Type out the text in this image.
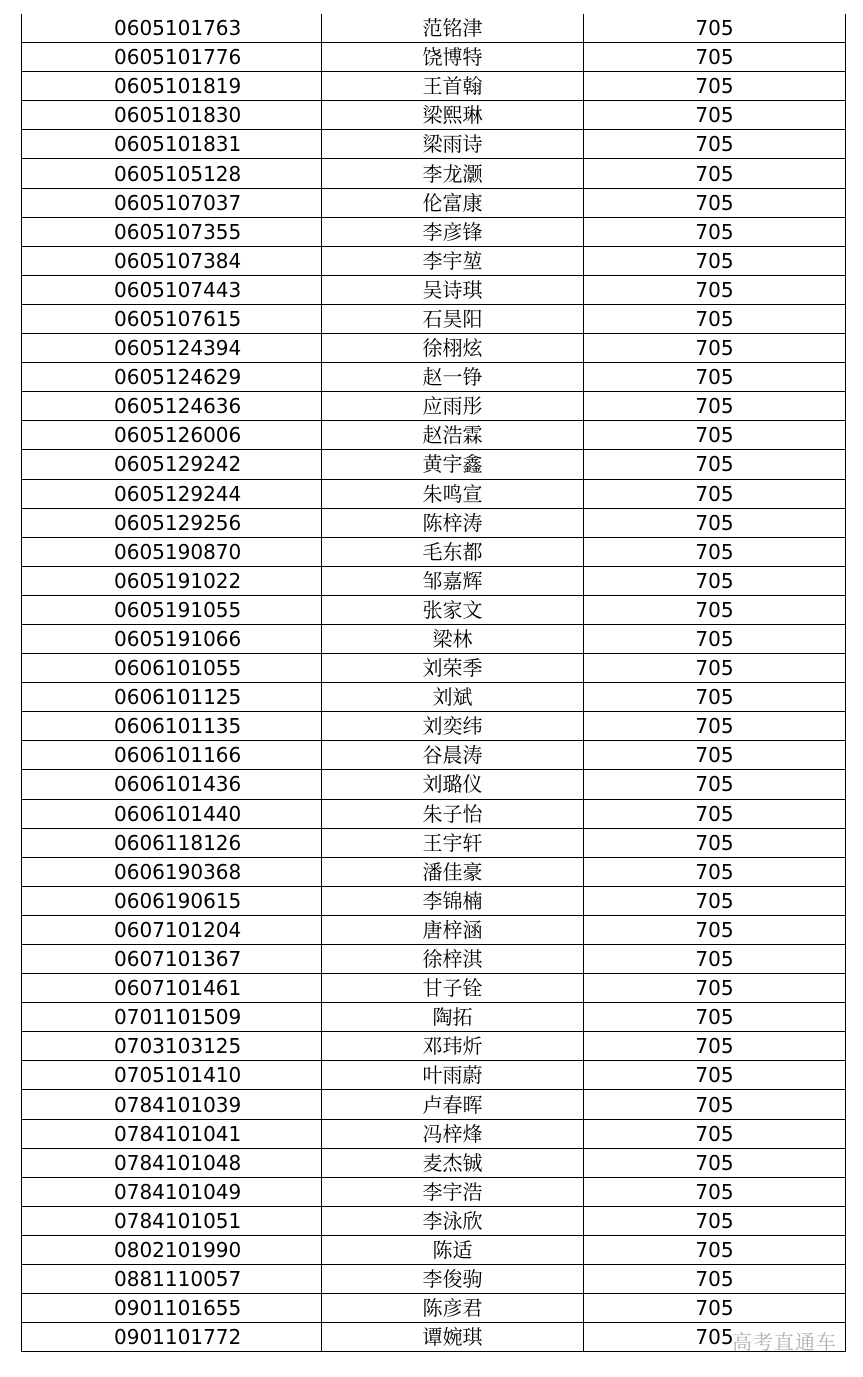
0605101763	范铭津	705
0605101776	饶博特	705
0605101819	王首翰	705
0605101830	梁熙琳	705
0605101831	梁雨诗	705
0605105128	李龙灏	705
0605107037	伦富康	705
0605107355	李彦锋	705
0605107384	李宇堃	705
0605107443	吴诗琪	705
0605107615	石昊阳	705
0605124394	徐栩炫	705
0605124629	赵一铮	705
0605124636	应雨彤	705
0605126006	赵浩霖	705
0605129242	黄宇鑫	705
0605129244	朱鸣宣	705
0605129256	陈梓涛	705
0605190870	毛东都	705
0605191022	邹嘉辉	705
0605191055	张家文	705
0605191066	梁林	705
0606101055	刘荣季	705
0606101125	刘斌	705
0606101135	刘奕纬	705
0606101166	谷晨涛	705
0606101436	刘璐仪	705
0606101440	朱子怡	705
0606118126	王宇轩	705
0606190368	潘佳豪	705
0606190615	李锦楠	705
0607101204	唐梓涵	705
0607101367	徐梓淇	705
0607101461	甘子铨	705
0701101509	陶拓	705
0703103125	邓玮炘	705
0705101410	叶雨蔚	705
0784101039	卢春晖	705
0784101041	冯梓烽	705
0784101048	麦杰铖	705
0784101049	李宇浩	705
0784101051	李泳欣	705
0802101990	陈适	705
0881110057	李俊驹	705
0901101655	陈彦君	705
0901101772	谭婉琪	705
高考直通车
